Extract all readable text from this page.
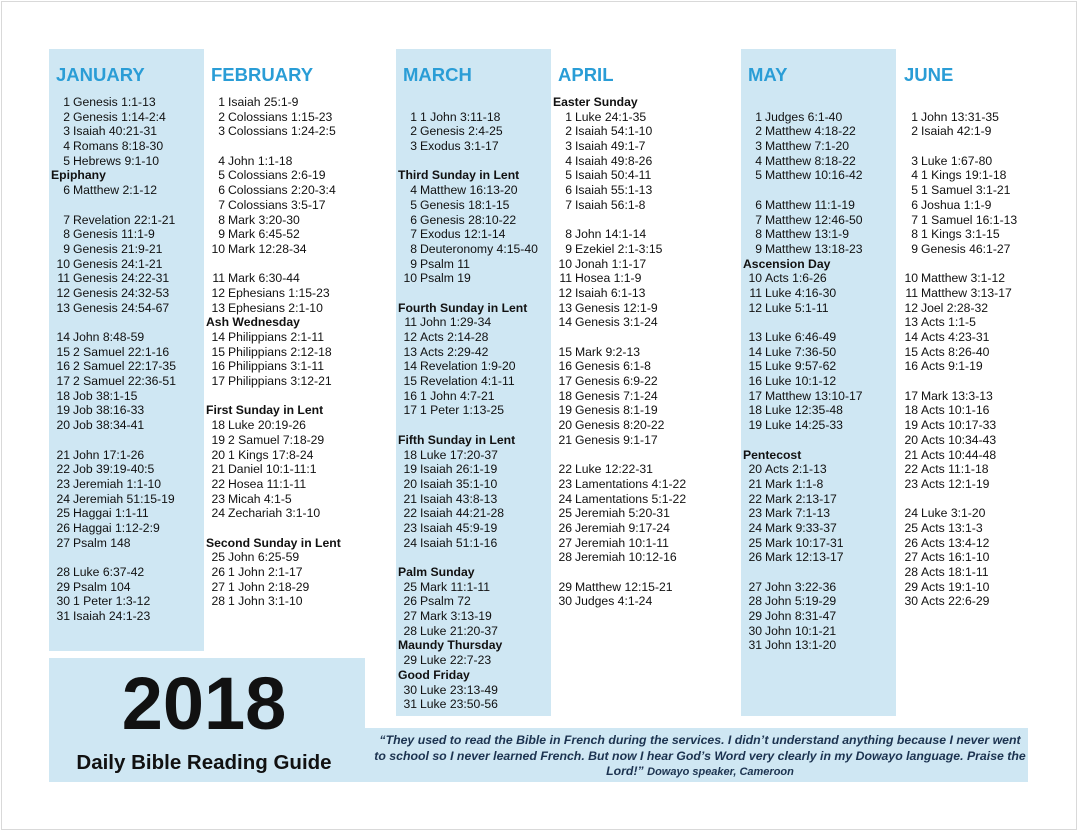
JANUARY
1 Genesis 1:1-13
2 Genesis 1:14-2:4
3 Isaiah 40:21-31
4 Romans 8:18-30
5 Hebrews 9:1-10
Epiphany
6 Matthew 2:1-12
7 Revelation 22:1-21
8 Genesis 11:1-9
9 Genesis 21:9-21
10 Genesis 24:1-21
11 Genesis 24:22-31
12 Genesis 24:32-53
13 Genesis 24:54-67
14 John 8:48-59
15 2 Samuel 22:1-16
16 2 Samuel 22:17-35
17 2 Samuel 22:36-51
18 Job 38:1-15
19 Job 38:16-33
20 Job 38:34-41
21 John 17:1-26
22 Job 39:19-40:5
23 Jeremiah 1:1-10
24 Jeremiah 51:15-19
25 Haggai 1:1-11
26 Haggai 1:12-2:9
27 Psalm 148
28 Luke 6:37-42
29 Psalm 104
30 1 Peter 1:3-12
31 Isaiah 24:1-23
FEBRUARY
1 Isaiah 25:1-9
2 Colossians 1:15-23
3 Colossians 1:24-2:5
4 John 1:1-18
5 Colossians 2:6-19
6 Colossians 2:20-3:4
7 Colossians 3:5-17
8 Mark 3:20-30
9 Mark 6:45-52
10 Mark 12:28-34
11 Mark 6:30-44
12 Ephesians 1:15-23
13 Ephesians 2:1-10
Ash Wednesday
14 Philippians 2:1-11
15 Philippians 2:12-18
16 Philippians 3:1-11
17 Philippians 3:12-21
First Sunday in Lent
18 Luke 20:19-26
19 2 Samuel 7:18-29
20 1 Kings 17:8-24
21 Daniel 10:1-11:1
22 Hosea 11:1-11
23 Micah 4:1-5
24 Zechariah 3:1-10
Second Sunday in Lent
25 John 6:25-59
26 1 John 2:1-17
27 1 John 2:18-29
28 1 John 3:1-10
MARCH
1 1 John 3:11-18
2 Genesis 2:4-25
3 Exodus 3:1-17
Third Sunday in Lent
4 Matthew 16:13-20
5 Genesis 18:1-15
6 Genesis 28:10-22
7 Exodus 12:1-14
8 Deuteronomy 4:15-40
9 Psalm 11
10 Psalm 19
Fourth Sunday in Lent
11 John 1:29-34
12 Acts 2:14-28
13 Acts 2:29-42
14 Revelation 1:9-20
15 Revelation 4:1-11
16 1 John 4:7-21
17 1 Peter 1:13-25
Fifth Sunday in Lent
18 Luke 17:20-37
19 Isaiah 26:1-19
20 Isaiah 35:1-10
21 Isaiah 43:8-13
22 Isaiah 44:21-28
23 Isaiah 45:9-19
24 Isaiah 51:1-16
Palm Sunday
25 Mark 11:1-11
26 Psalm 72
27 Mark 3:13-19
28 Luke 21:20-37
Maundy Thursday
29 Luke 22:7-23
Good Friday
30 Luke 23:13-49
31 Luke 23:50-56
APRIL
Easter Sunday
1 Luke 24:1-35
2 Isaiah 54:1-10
3 Isaiah 49:1-7
4 Isaiah 49:8-26
5 Isaiah 50:4-11
6 Isaiah 55:1-13
7 Isaiah 56:1-8
8 John 14:1-14
9 Ezekiel 2:1-3:15
10 Jonah 1:1-17
11 Hosea 1:1-9
12 Isaiah 6:1-13
13 Genesis 12:1-9
14 Genesis 3:1-24
15 Mark 9:2-13
16 Genesis 6:1-8
17 Genesis 6:9-22
18 Genesis 7:1-24
19 Genesis 8:1-19
20 Genesis 8:20-22
21 Genesis 9:1-17
22 Luke 12:22-31
23 Lamentations 4:1-22
24 Lamentations 5:1-22
25 Jeremiah 5:20-31
26 Jeremiah 9:17-24
27 Jeremiah 10:1-11
28 Jeremiah 10:12-16
29 Matthew 12:15-21
30 Judges 4:1-24
MAY
1 Judges 6:1-40
2 Matthew 4:18-22
3 Matthew 7:1-20
4 Matthew 8:18-22
5 Matthew 10:16-42
6 Matthew 11:1-19
7 Matthew 12:46-50
8 Matthew 13:1-9
9 Matthew 13:18-23
Ascension Day
10 Acts 1:6-26
11 Luke 4:16-30
12 Luke 5:1-11
13 Luke 6:46-49
14 Luke 7:36-50
15 Luke 9:57-62
16 Luke 10:1-12
17 Matthew 13:10-17
18 Luke 12:35-48
19 Luke 14:25-33
Pentecost
20 Acts 2:1-13
21 Mark 1:1-8
22 Mark 2:13-17
23 Mark 7:1-13
24 Mark 9:33-37
25 Mark 10:17-31
26 Mark 12:13-17
27 John 3:22-36
28 John 5:19-29
29 John 8:31-47
30 John 10:1-21
31 John 13:1-20
JUNE
1 John 13:31-35
2 Isaiah 42:1-9
3 Luke 1:67-80
4 1 Kings 19:1-18
5 1 Samuel 3:1-21
6 Joshua 1:1-9
7 1 Samuel 16:1-13
8 1 Kings 3:1-15
9 Genesis 46:1-27
10 Matthew 3:1-12
11 Matthew 3:13-17
12 Joel 2:28-32
13 Acts 1:1-5
14 Acts 4:23-31
15 Acts 8:26-40
16 Acts 9:1-19
17 Mark 13:3-13
18 Acts 10:1-16
19 Acts 10:17-33
20 Acts 10:34-43
21 Acts 10:44-48
22 Acts 11:1-18
23 Acts 12:1-19
24 Luke 3:1-20
25 Acts 13:1-3
26 Acts 13:4-12
27 Acts 16:1-10
28 Acts 18:1-11
29 Acts 19:1-10
30 Acts 22:6-29
2018
Daily Bible Reading Guide
“They used to read the Bible in French during the services. I didn’t understand anything because I never went to school so I never learned French. But now I hear God’s Word very clearly in my Dowayo language. Praise the Lord!” Dowayo speaker, Cameroon
